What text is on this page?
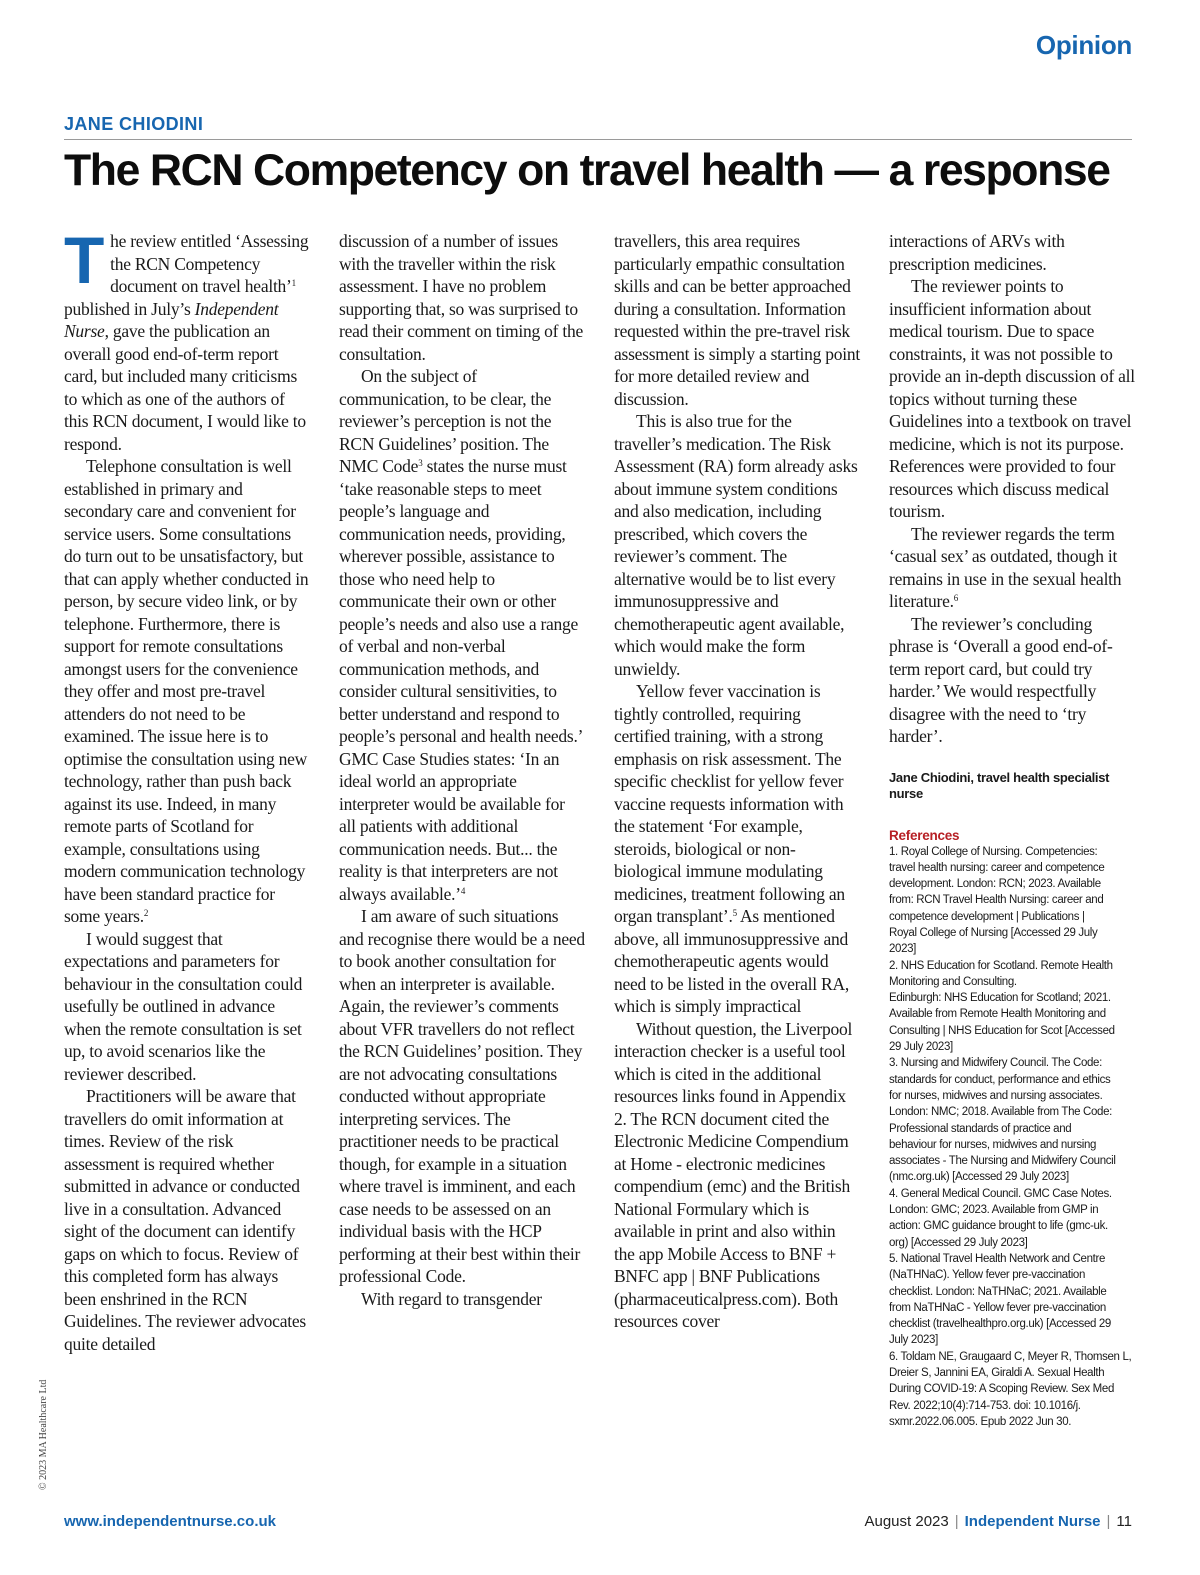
Opinion
JANE CHIODINI
The RCN Competency on travel health — a response

The review entitled ‘Assessing the RCN Competency document on travel health’$^1$ published in July’s Independent Nurse, gave the publication an overall good end-of-term report card, but included many criticisms to which as one of the authors of this RCN document, I would like to respond.

Telephone consultation is well established in primary and secondary care and convenient for service users. Some consultations do turn out to be unsatisfactory, but that can apply whether conducted in person, by secure video link, or by telephone. Furthermore, there is support for remote consultations amongst users for the convenience they offer and most pre-travel attenders do not need to be examined. The issue here is to optimise the consultation using new technology, rather than push back against its use. Indeed, in many remote parts of Scotland for example, consultations using modern communication technology have been standard practice for some years.$^2$

I would suggest that expectations and parameters for behaviour in the consultation could usefully be outlined in advance when the remote consultation is set up, to avoid scenarios like the reviewer described.

Practitioners will be aware that travellers do omit information at times. Review of the risk assessment is required whether submitted in advance or conducted live in a consultation. Advanced sight of the document can identify gaps on which to focus. Review of this completed form has always been enshrined in the RCN Guidelines. The reviewer advocates quite detailed

discussion of a number of issues with the traveller within the risk assessment. I have no problem supporting that, so was surprised to read their comment on timing of the consultation.

On the subject of communication, to be clear, the reviewer’s perception is not the RCN Guidelines’ position. The NMC Code$^3$ states the nurse must ‘take reasonable steps to meet people’s language and communication needs, providing, wherever possible, assistance to those who need help to communicate their own or other people’s needs and also use a range of verbal and non-verbal communication methods, and consider cultural sensitivities, to better understand and respond to people’s personal and health needs.’ GMC Case Studies states: ‘In an ideal world an appropriate interpreter would be available for all patients with additional communication needs. But... the reality is that interpreters are not always available.’$^4$

I am aware of such situations and recognise there would be a need to book another consultation for when an interpreter is available. Again, the reviewer’s comments about VFR travellers do not reflect the RCN Guidelines’ position. They are not advocating consultations conducted without appropriate interpreting services. The practitioner needs to be practical though, for example in a situation where travel is imminent, and each case needs to be assessed on an individual basis with the HCP performing at their best within their professional Code.

With regard to transgender

travellers, this area requires particularly empathic consultation skills and can be better approached during a consultation. Information requested within the pre-travel risk assessment is simply a starting point for more detailed review and discussion.

This is also true for the traveller’s medication. The Risk Assessment (RA) form already asks about immune system conditions and also medication, including prescribed, which covers the reviewer’s comment. The alternative would be to list every immunosuppressive and chemotherapeutic agent available, which would make the form unwieldy.

Yellow fever vaccination is tightly controlled, requiring certified training, with a strong emphasis on risk assessment. The specific checklist for yellow fever vaccine requests information with the statement ‘For example, steroids, biological or non-biological immune modulating medicines, treatment following an organ transplant’.$^5$ As mentioned above, all immunosuppressive and chemotherapeutic agents would need to be listed in the overall RA, which is simply impractical

Without question, the Liverpool interaction checker is a useful tool which is cited in the additional resources links found in Appendix 2. The RCN document cited the Electronic Medicine Compendium at Home - electronic medicines compendium (emc) and the British National Formulary which is available in print and also within the app Mobile Access to BNF + BNFC app | BNF Publications (pharmaceuticalpress.com). Both resources cover

interactions of ARVs with prescription medicines.

The reviewer points to insufficient information about medical tourism. Due to space constraints, it was not possible to provide an in-depth discussion of all topics without turning these Guidelines into a textbook on travel medicine, which is not its purpose. References were provided to four resources which discuss medical tourism.

The reviewer regards the term ‘casual sex’ as outdated, though it remains in use in the sexual health literature.$^6$

The reviewer’s concluding phrase is ‘Overall a good end-of-term report card, but could try harder.’ We would respectfully disagree with the need to ‘try harder’.

Jane Chiodini, travel health specialist nurse
References
1. Royal College of Nursing. Competencies:
travel health nursing: career and competence
development. London: RCN; 2023. Available
from: RCN Travel Health Nursing: career and
competence development | Publications |
Royal College of Nursing [Accessed 29 July
2023]
2. NHS Education for Scotland. Remote Health
Monitoring and Consulting.
Edinburgh: NHS Education for Scotland; 2021.
Available from Remote Health Monitoring and
Consulting | NHS Education for Scot [Accessed
29 July 2023]
3. Nursing and Midwifery Council. The Code:
standards for conduct, performance and ethics
for nurses, midwives and nursing associates.
London: NMC; 2018. Available from The Code:
Professional standards of practice and
behaviour for nurses, midwives and nursing
associates - The Nursing and Midwifery Council
(nmc.org.uk) [Accessed 29 July 2023]
4. General Medical Council. GMC Case Notes.
London: GMC; 2023. Available from GMP in
action: GMC guidance brought to life (gmc-uk.
org) [Accessed 29 July 2023]
5. National Travel Health Network and Centre
(NaTHNaC). Yellow fever pre-vaccination
checklist. London: NaTHNaC; 2021. Available
from NaTHNaC - Yellow fever pre-vaccination
checklist (travelhealthpro.org.uk) [Accessed 29
July 2023]
6. Toldam NE, Graugaard C, Meyer R, Thomsen L,
Dreier S, Jannini EA, Giraldi A. Sexual Health
During COVID-19: A Scoping Review. Sex Med
Rev. 2022;10(4):714-753. doi: 10.1016/j.
sxmr.2022.06.005. Epub 2022 Jun 30.
© 2023 MA Healthcare Ltd
www.independentnurse.co.uk	August 2023 | Independent Nurse | 11
